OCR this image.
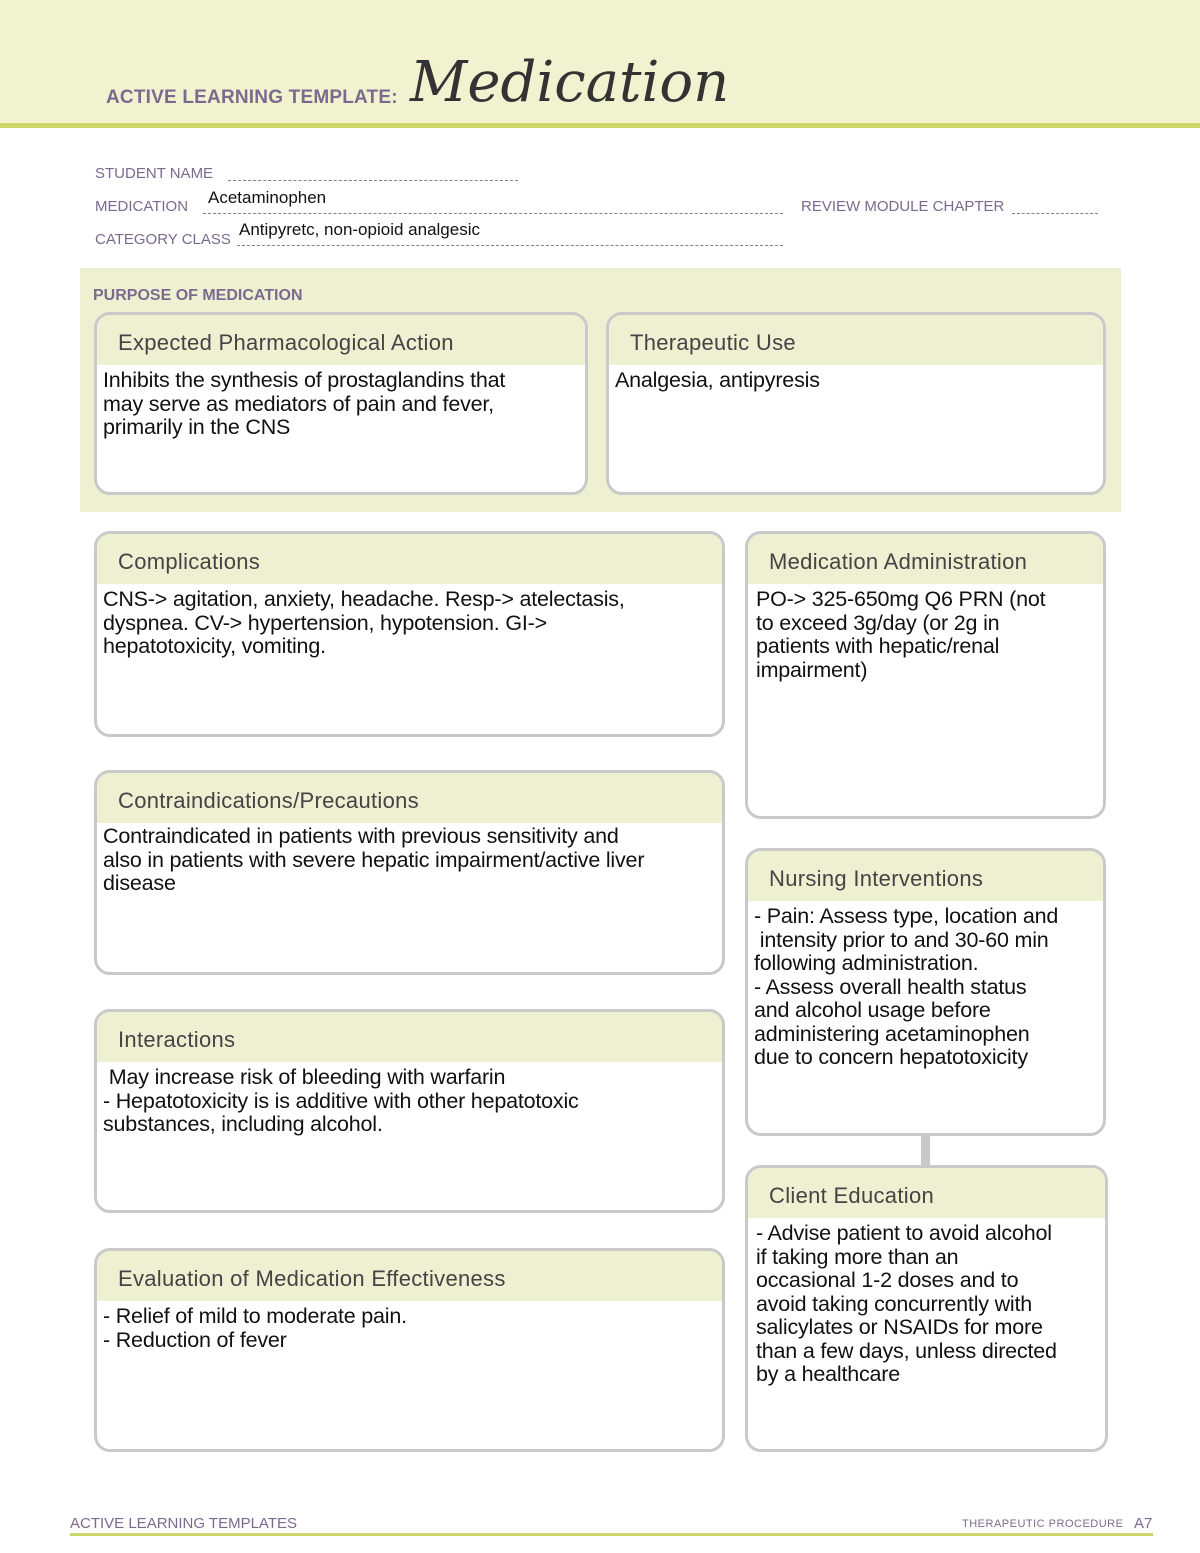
ACTIVE LEARNING TEMPLATE: Medication
STUDENT NAME
MEDICATION Acetaminophen	REVIEW MODULE CHAPTER
CATEGORY CLASS
Antipyretc, non-opioid analgesic
PURPOSE OF MEDICATION
Expected Pharmacological Action
Inhibits the synthesis of prostaglandins that
may serve as mediators of pain and fever,
primarily in the CNS
Therapeutic Use
Analgesia, antipyresis
Complications
CNS-> agitation, anxiety, headache. Resp-> atelectasis,
dyspnea. CV-> hypertension, hypotension. GI->
hepatotoxicity, vomiting.
Contraindications/Precautions
Contraindicated in patients with previous sensitivity and
also in patients with severe hepatic impairment/active liver
disease
Interactions
May increase risk of bleeding with warfarin
- Hepatotoxicity is is additive with other hepatotoxic
substances, including alcohol.
Evaluation of Medication Effectiveness
- Relief of mild to moderate pain.
- Reduction of fever
Medication Administration
PO-> 325-650mg Q6 PRN (not
to exceed 3g/day (or 2g in
patients with hepatic/renal
impairment)
Nursing Interventions
- Pain: Assess type, location and
intensity prior to and 30-60 min
following administration.
- Assess overall health status
and alcohol usage before
administering acetaminophen
due to concern hepatotoxicity
Client Education
- Advise patient to avoid alcohol
if taking more than an
occasional 1-2 doses and to
avoid taking concurrently with
salicylates or NSAIDs for more
than a few days, unless directed
by a healthcare
ACTIVE LEARNING TEMPLATES	THERAPEUTIC PROCEDURE A7
